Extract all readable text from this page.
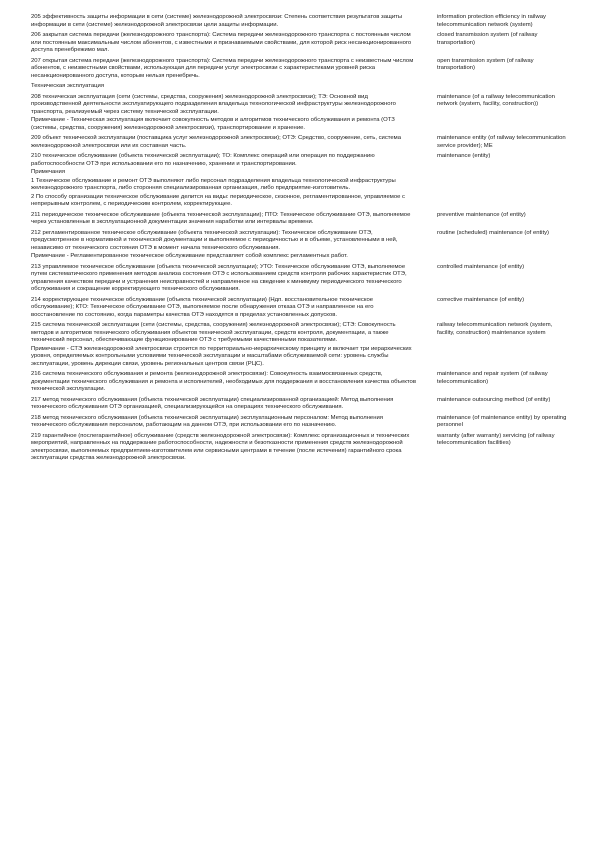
205 эффективность защиты информации в сети (системе) железнодорожной электросвязи: Степень соответствия результатов защиты информации в сети (системе) железнодорожной электросвязи цели защиты информации.

information protection efficiency in railway telecommunication network (system)

206 закрытая система передачи (железнодорожного транспорта): Система передачи железнодорожного транспорта с постоянным числом или постоянным максимальным числом абонентов, с известными и признаваемыми свойствами, для которой риск несанкционированного доступа пренебрежимо мал.

closed transmission system (of railway transportation)

207 открытая система передачи (железнодорожного транспорта): Система передачи железнодорожного транспорта с неизвестным числом абонентов, с неизвестными свойствами, использующая для передачи услуг электросвязи с характеристиками уровней риска несанкционированного доступа, которым нельзя пренебречь.

open transmission system (of railway transportation)
Техническая эксплуатация

208 техническая эксплуатация (сети (системы, средства, сооружения) железнодорожной электросвязи); ТЭ: Основной вид производственной деятельности эксплуатирующего подразделения владельца технологической инфраструктуры железнодорожного транспорта, реализуемый через систему технической эксплуатации.

Примечание - Техническая эксплуатация включает совокупность методов и алгоритмов технического обслуживания и ремонта (ОТЗ (системы, средства, сооружения) железнодорожной электросвязи), транспортирование и хранение.

maintenance (of a railway telecommunication network (system, facility, construction))

209 объект технической эксплуатации (поставщика услуг железнодорожной электросвязи); ОТЭ: Средство, сооружение, сеть, система железнодорожной электросвязи или их составная часть.

maintenance entity (of railway telecommunication service provider); ME

210 техническое обслуживание (объекта технической эксплуатации); ТО: Комплекс операций или операция по поддержанию работоспособности ОТЭ при использовании его по назначению, хранении и транспортировании.

Примечания

1 Техническое обслуживание и ремонт ОТЭ выполняют либо персонал подразделения владельца технологической инфраструктуры железнодорожного транспорта, либо сторонняя специализированная организация, либо предприятие-изготовитель.

2 По способу организации техническое обслуживание делится на виды: периодическое, сезонное, регламентированное, управляемое с непрерывным контролем, с периодическим контролем, корректирующее.

maintenance (entity)

211 периодическое техническое обслуживание (объекта технической эксплуатации); ПТО: Техническое обслуживание ОТЭ, выполняемое через установленные в эксплуатационной документации значения наработки или интервалы времени.

preventive maintenance (of entity)

212 регламентированное техническое обслуживание (объекта технической эксплуатации): Техническое обслуживание ОТЭ, предусмотренное в нормативной и технической документации и выполняемое с периодичностью и в объеме, установленными в ней, независимо от технического состояния ОТЭ в момент начала технического обслуживания.

Примечание - Регламентированное техническое обслуживание представляет собой комплекс регламентных работ.

routine (scheduled) maintenance (of entity)

213 управляемое техническое обслуживание (объекта технической эксплуатации); УТО: Техническое обслуживание ОТЭ, выполняемое путем систематического применения методов анализа состояния ОТЭ с использованием средств контроля рабочих характеристик ОТЭ, управления качеством передачи и устранения неисправностей и направленное на сведение к минимуму периодического технического обслуживания и сокращение корректирующего технического обслуживания.

controlled maintenance (of entity)

214 корректирующее техническое обслуживание (объекта технической эксплуатации) (Ндп. восстановительное техническое обслуживание); КТО: Техническое обслуживание ОТЭ, выполняемое после обнаружения отказа ОТЭ и направленное на его восстановление по состоянию, когда параметры качества ОТЭ находятся в пределах установленных допусков.

corrective maintenance (of entity)

215 система технической эксплуатации (сети (системы, средства, сооружения) железнодорожной электросвязи); СТЭ: Совокупность методов и алгоритмов технического обслуживания объектов технической эксплуатации, средств контроля, документации, а также технический персонал, обеспечивающие функционирование ОТЭ с требуемыми качественными показателями.

Примечание - СТЭ железнодорожной электросвязи строится по территориально-иерархическому принципу и включает три иерархических уровня, определяемых контрольными условиями технической эксплуатации и масштабами обслуживаемой сети: уровень службы эксплуатации, уровень дирекции связи, уровень региональных центров связи (РЦС).

railway telecommunication network (system, facility, construction) maintenance system

216 система технического обслуживания и ремонта (железнодорожной электросвязи): Совокупность взаимосвязанных средств, документации технического обслуживания и ремонта и исполнителей, необходимых для поддержания и восстановления качества объектов технической эксплуатации.

maintenance and repair system (of railway telecommunication)

217 метод технического обслуживания (объекта технической эксплуатации) специализированной организацией: Метод выполнения технического обслуживания ОТЭ организацией, специализирующейся на операциях технического обслуживания.

maintenance outsourcing method (of entity)

218 метод технического обслуживания (объекта технической эксплуатации) эксплуатационным персоналом: Метод выполнения технического обслуживания персоналом, работающим на данном ОТЭ, при использовании его по назначению.

maintenance (of maintenance entity) by operating personnel

219 гарантийное (послегарантийное) обслуживание (средств железнодорожной электросвязи): Комплекс организационных и технических мероприятий, направленных на поддержание работоспособности, надежности и безотказности применения средств железнодорожной электросвязи, выполняемых предприятием-изготовителем или сервисными центрами в течение (после истечения) гарантийного срока эксплуатации средства железнодорожной электросвязи.

warranty (after warranty) servicing (of railway telecommunication facilities)
